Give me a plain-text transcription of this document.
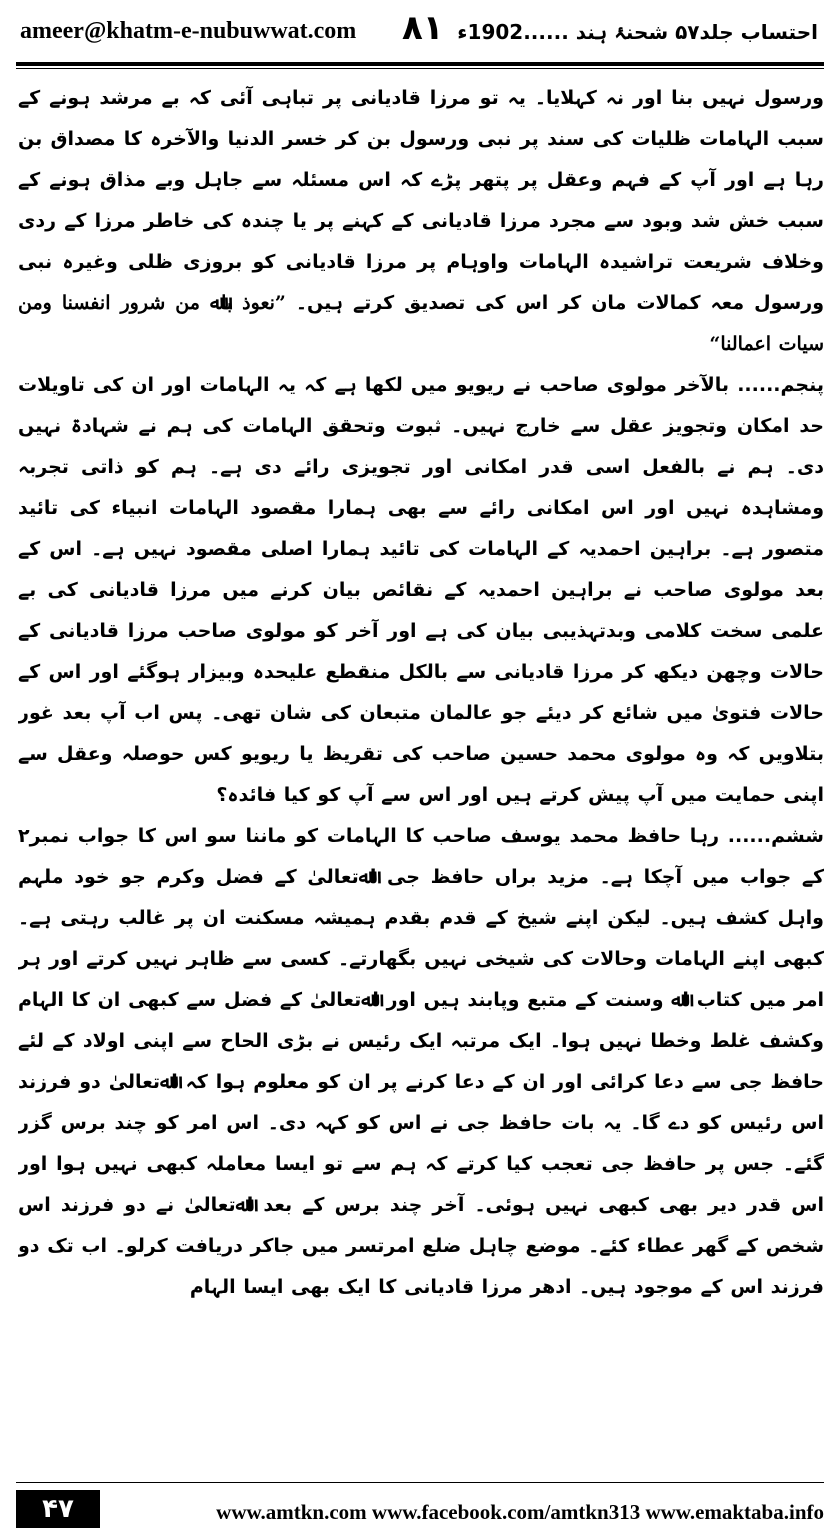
ameer@khatm-e-nubuwwat.com ۸۱ احتساب جلد۵۷ شحنۂ ہند ......1902ء

ورسول نہیں بنا اور نہ کہلایا۔ یہ تو مرزا قادیانی پر تباہی آئی کہ بے مرشد ہونے کے سبب الہامات ظلیات کی سند پر نبی ورسول بن کر خسر الدنیا والآخرہ کا مصداق بن رہا ہے اور آپ کے فہم وعقل پر پتھر پڑے کہ اس مسئلہ سے جاہل وبے مذاق ہونے کے سبب خش شد وبود سے مجرد مرزا قادیانی کے کہنے پر یا چندہ کی خاطر مرزا کے ردی وخلاف شریعت تراشیدہ الہامات واوہام پر مرزا قادیانی کو بروزی ظلی وغیرہ نبی ورسول معہ کمالات مان کر اس کی تصدیق کرتے ہیں۔ ”نعوذ باﷲ من شرور انفسنا ومن سیات اعمالنا“

پنجم...... بالآخر مولوی صاحب نے ریویو میں لکھا ہے کہ یہ الہامات اور ان کی تاویلات حد امکان وتجویز عقل سے خارج نہیں۔ ثبوت وتحقق الہامات کی ہم نے شہادۃ نہیں دی۔ ہم نے بالفعل اسی قدر امکانی اور تجویزی رائے دی ہے۔ ہم کو ذاتی تجربہ ومشاہدہ نہیں اور اس امکانی رائے سے بھی ہمارا مقصود الہامات انبیاء کی تائید متصور ہے۔ براہین احمدیہ کے الہامات کی تائید ہمارا اصلی مقصود نہیں ہے۔ اس کے بعد مولوی صاحب نے براہین احمدیہ کے نقائص بیان کرنے میں مرزا قادیانی کی بے علمی سخت کلامی وبدتہذیبی بیان کی ہے اور آخر کو مولوی صاحب مرزا قادیانی کے حالات وچھن دیکھ کر مرزا قادیانی سے بالکل منقطع علیحدہ وبیزار ہوگئے اور اس کے حالات فتویٰ میں شائع کر دیئے جو عالمان متبعان کی شان تھی۔ پس اب آپ بعد غور بتلاویں کہ وہ مولوی محمد حسین صاحب کی تقریظ یا ریویو کس حوصلہ وعقل سے اپنی حمایت میں آپ پیش کرتے ہیں اور اس سے آپ کو کیا فائدہ؟

ششم...... رہا حافظ محمد یوسف صاحب کا الہامات کو ماننا سو اس کا جواب نمبر۲ کے جواب میں آچکا ہے۔ مزید براں حافظ جی اﷲتعالیٰ کے فضل وکرم جو خود ملہم واہل کشف ہیں۔ لیکن اپنے شیخ کے قدم بقدم ہمیشہ مسکنت ان پر غالب رہتی ہے۔ کبھی اپنے الہامات وحالات کی شیخی نہیں بگھارتے۔ کسی سے ظاہر نہیں کرتے اور ہر امر میں کتاب اﷲ وسنت کے متبع وپابند ہیں اور اﷲتعالیٰ کے فضل سے کبھی ان کا الہام وکشف غلط وخطا نہیں ہوا۔ ایک مرتبہ ایک رئیس نے بڑی الحاح سے اپنی اولاد کے لئے حافظ جی سے دعا کرائی اور ان کے دعا کرنے پر ان کو معلوم ہوا کہ اﷲتعالیٰ دو فرزند اس رئیس کو دے گا۔ یہ بات حافظ جی نے اس کو کہہ دی۔ اس امر کو چند برس گزر گئے۔ جس پر حافظ جی تعجب کیا کرتے کہ ہم سے تو ایسا معاملہ کبھی نہیں ہوا اور اس قدر دیر بھی کبھی نہیں ہوئی۔ آخر چند برس کے بعد اﷲتعالیٰ نے دو فرزند اس شخص کے گھر عطاء کئے۔ موضع چاہل ضلع امرتسر میں جاکر دریافت کرلو۔ اب تک دو فرزند اس کے موجود ہیں۔ ادھر مرزا قادیانی کا ایک بھی ایسا الہام

۴۷	www.amtkn.com www.facebook.com/amtkn313 www.emaktaba.info
